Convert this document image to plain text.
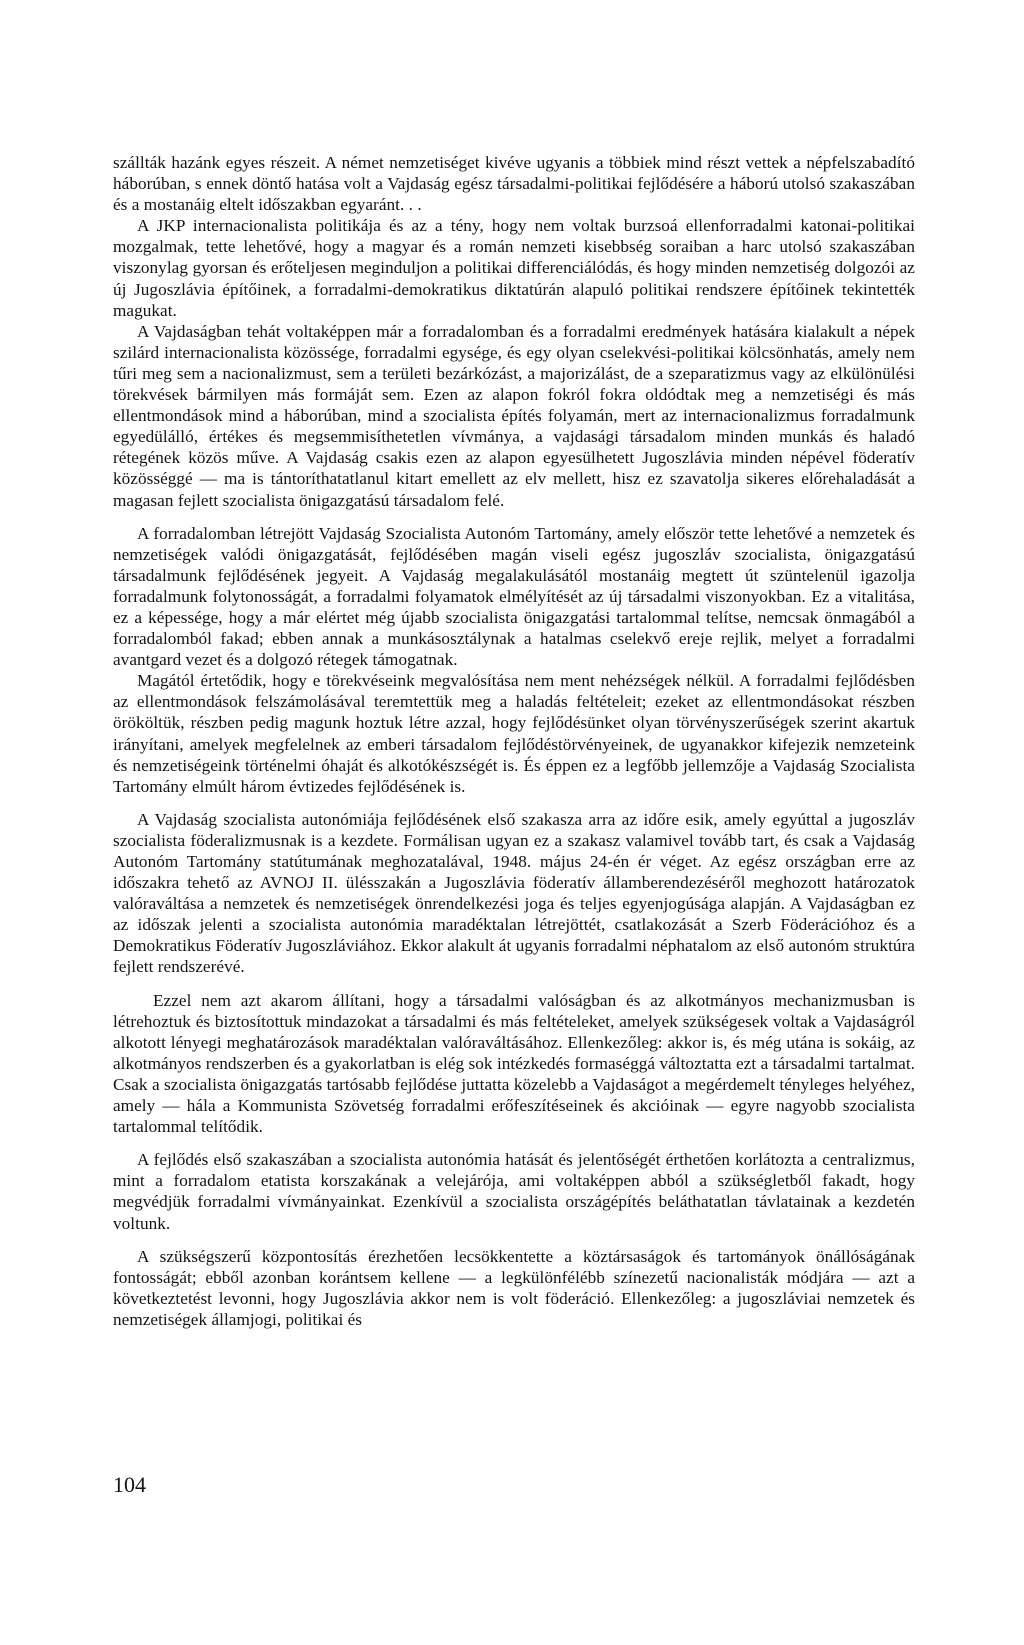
szállták hazánk egyes részeit. A német nemzetiséget kivéve ugyanis a többiek mind részt vettek a népfelszabadító háborúban, s ennek döntő hatása volt a Vajdaság egész társadalmi-politikai fejlődésére a háború utolsó szakaszában és a mostanáig eltelt időszakban egyaránt. . .

A JKP internacionalista politikája és az a tény, hogy nem voltak burzsoá ellenforradalmi katonai-politikai mozgalmak, tette lehetővé, hogy a magyar és a román nemzeti kisebbség soraiban a harc utolsó szakaszában viszonylag gyorsan és erőteljesen meginduljon a politikai differenciálódás, és hogy minden nemzetiség dolgozói az új Jugoszlávia építőinek, a forradalmi-demokratikus diktatúrán alapuló politikai rendszere építőinek tekintették magukat.

A Vajdaságban tehát voltaképpen már a forradalomban és a forradalmi eredmények hatására kialakult a népek szilárd internacionalista közössége, forradalmi egysége, és egy olyan cselekvési-politikai kölcsönhatás, amely nem tűri meg sem a nacionalizmust, sem a területi bezárkózást, a majorizálást, de a szeparatizmus vagy az elkülönülési törekvések bármilyen más formáját sem. Ezen az alapon fokról fokra oldódtak meg a nemzetiségi és más ellentmondások mind a háborúban, mind a szocialista építés folyamán, mert az internacionalizmus forradalmunk egyedülálló, értékes és megsemmisíthetetlen vívmánya, a vajdasági társadalom minden munkás és haladó rétegének közös műve. A Vajdaság csakis ezen az alapon egyesülhetett Jugoszlávia minden népével föderatív közösséggé — ma is tántoríthatatlanul kitart emellett az elv mellett, hisz ez szavatolja sikeres előrehaladását a magasan fejlett szocialista önigazgatású társadalom felé.

A forradalomban létrejött Vajdaság Szocialista Autonóm Tartomány, amely először tette lehetővé a nemzetek és nemzetiségek valódi önigazgatását, fejlődésében magán viseli egész jugoszláv szocialista, önigazgatású társadalmunk fejlődésének jegyeit. A Vajdaság megalakulásától mostanáig megtett út szüntelenül igazolja forradalmunk folytonosságát, a forradalmi folyamatok elmélyítését az új társadalmi viszonyokban. Ez a vitalitása, ez a képessége, hogy a már elértet még újabb szocialista önigazgatási tartalommal telítse, nemcsak önmagából a forradalomból fakad; ebben annak a munkásosztálynak a hatalmas cselekvő ereje rejlik, melyet a forradalmi avantgard vezet és a dolgozó rétegek támogatnak.

Magától értetődik, hogy e törekvéseink megvalósítása nem ment nehézségek nélkül. A forradalmi fejlődésben az ellentmondások felszámolásával teremtettük meg a haladás feltételeit; ezeket az ellentmondásokat részben örököltük, részben pedig magunk hoztuk létre azzal, hogy fejlődésünket olyan törvényszerűségek szerint akartuk irányítani, amelyek megfelelnek az emberi társadalom fejlődéstörvényeinek, de ugyanakkor kifejezik nemzeteink és nemzetiségeink történelmi óhaját és alkotókészségét is. És éppen ez a legfőbb jellemzője a Vajdaság Szocialista Tartomány elmúlt három évtizedes fejlődésének is.

A Vajdaság szocialista autonómiája fejlődésének első szakasza arra az időre esik, amely egyúttal a jugoszláv szocialista föderalizmusnak is a kezdete. Formálisan ugyan ez a szakasz valamivel tovább tart, és csak a Vajdaság Autonóm Tartomány statútumának meghozatalával, 1948. május 24-én ér véget. Az egész országban erre az időszakra tehető az AVNOJ II. ülésszakán a Jugoszlávia föderatív államberendezéséről meghozott határozatok valóraváltása a nemzetek és nemzetiségek önrendelkezési joga és teljes egyenjogúsága alapján. A Vajdaságban ez az időszak jelenti a szocialista autonómia maradéktalan létrejöttét, csatlakozását a Szerb Föderációhoz és a Demokratikus Föderatív Jugoszláviához. Ekkor alakult át ugyanis forradalmi néphatalom az első autonóm struktúra fejlett rendszerévé.

Ezzel nem azt akarom állítani, hogy a társadalmi valóságban és az alkotmányos mechanizmusban is létrehoztuk és biztosítottuk mindazokat a társadalmi és más feltételeket, amelyek szükségesek voltak a Vajdaságról alkotott lényegi meghatározások maradéktalan valóraváltásához. Ellenkezőleg: akkor is, és még utána is sokáig, az alkotmányos rendszerben és a gyakorlatban is elég sok intézkedés formaséggá változtatta ezt a társadalmi tartalmat. Csak a szocialista önigazgatás tartósabb fejlődése juttatta közelebb a Vajdaságot a megérdemelt tényleges helyéhez, amely — hála a Kommunista Szövetség forradalmi erőfeszítéseinek és akcióinak — egyre nagyobb szocialista tartalommal telítődik.

A fejlődés első szakaszában a szocialista autonómia hatását és jelentőségét érthetően korlátozta a centralizmus, mint a forradalom etatista korszakának a velejárója, ami voltaképpen abból a szükségletből fakadt, hogy megvédjük forradalmi vívmányainkat. Ezenkívül a szocialista országépítés beláthatatlan távlatainak a kezdetén voltunk.

A szükségszerű központosítás érezhetően lecsökkentette a köztársaságok és tartományok önállóságának fontosságát; ebből azonban korántsem kellene — a legkülönfélébb színezetű nacionalisták módjára — azt a következtetést levonni, hogy Jugoszlávia akkor nem is volt föderáció. Ellenkezőleg: a jugoszláviai nemzetek és nemzetiségek államjogi, politikai és

104
